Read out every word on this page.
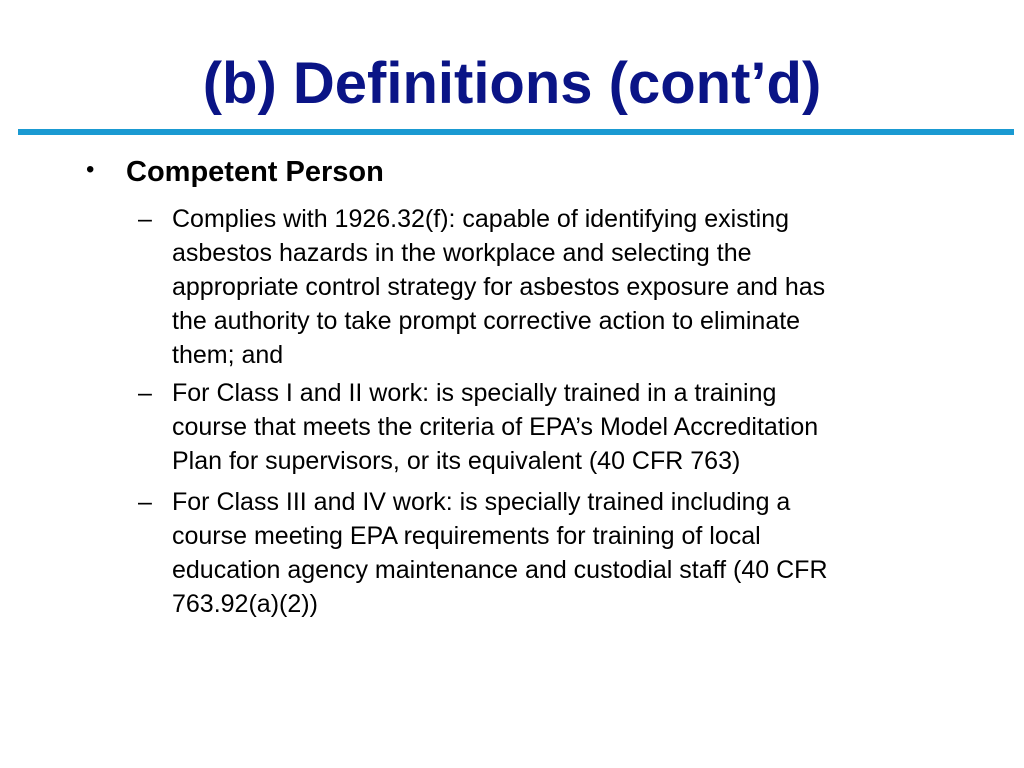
(b) Definitions (cont’d)
• Competent Person

– Complies with 1926.32(f): capable of identifying existing
asbestos hazards in the workplace and selecting the
appropriate control strategy for asbestos exposure and has
the authority to take prompt corrective action to eliminate
them; and

– For Class I and II work: is specially trained in a training
course that meets the criteria of EPA’s Model Accreditation
Plan for supervisors, or its equivalent (40 CFR 763)

– For Class III and IV work: is specially trained including a
course meeting EPA requirements for training of local
education agency maintenance and custodial staff (40 CFR
763.92(a)(2))
